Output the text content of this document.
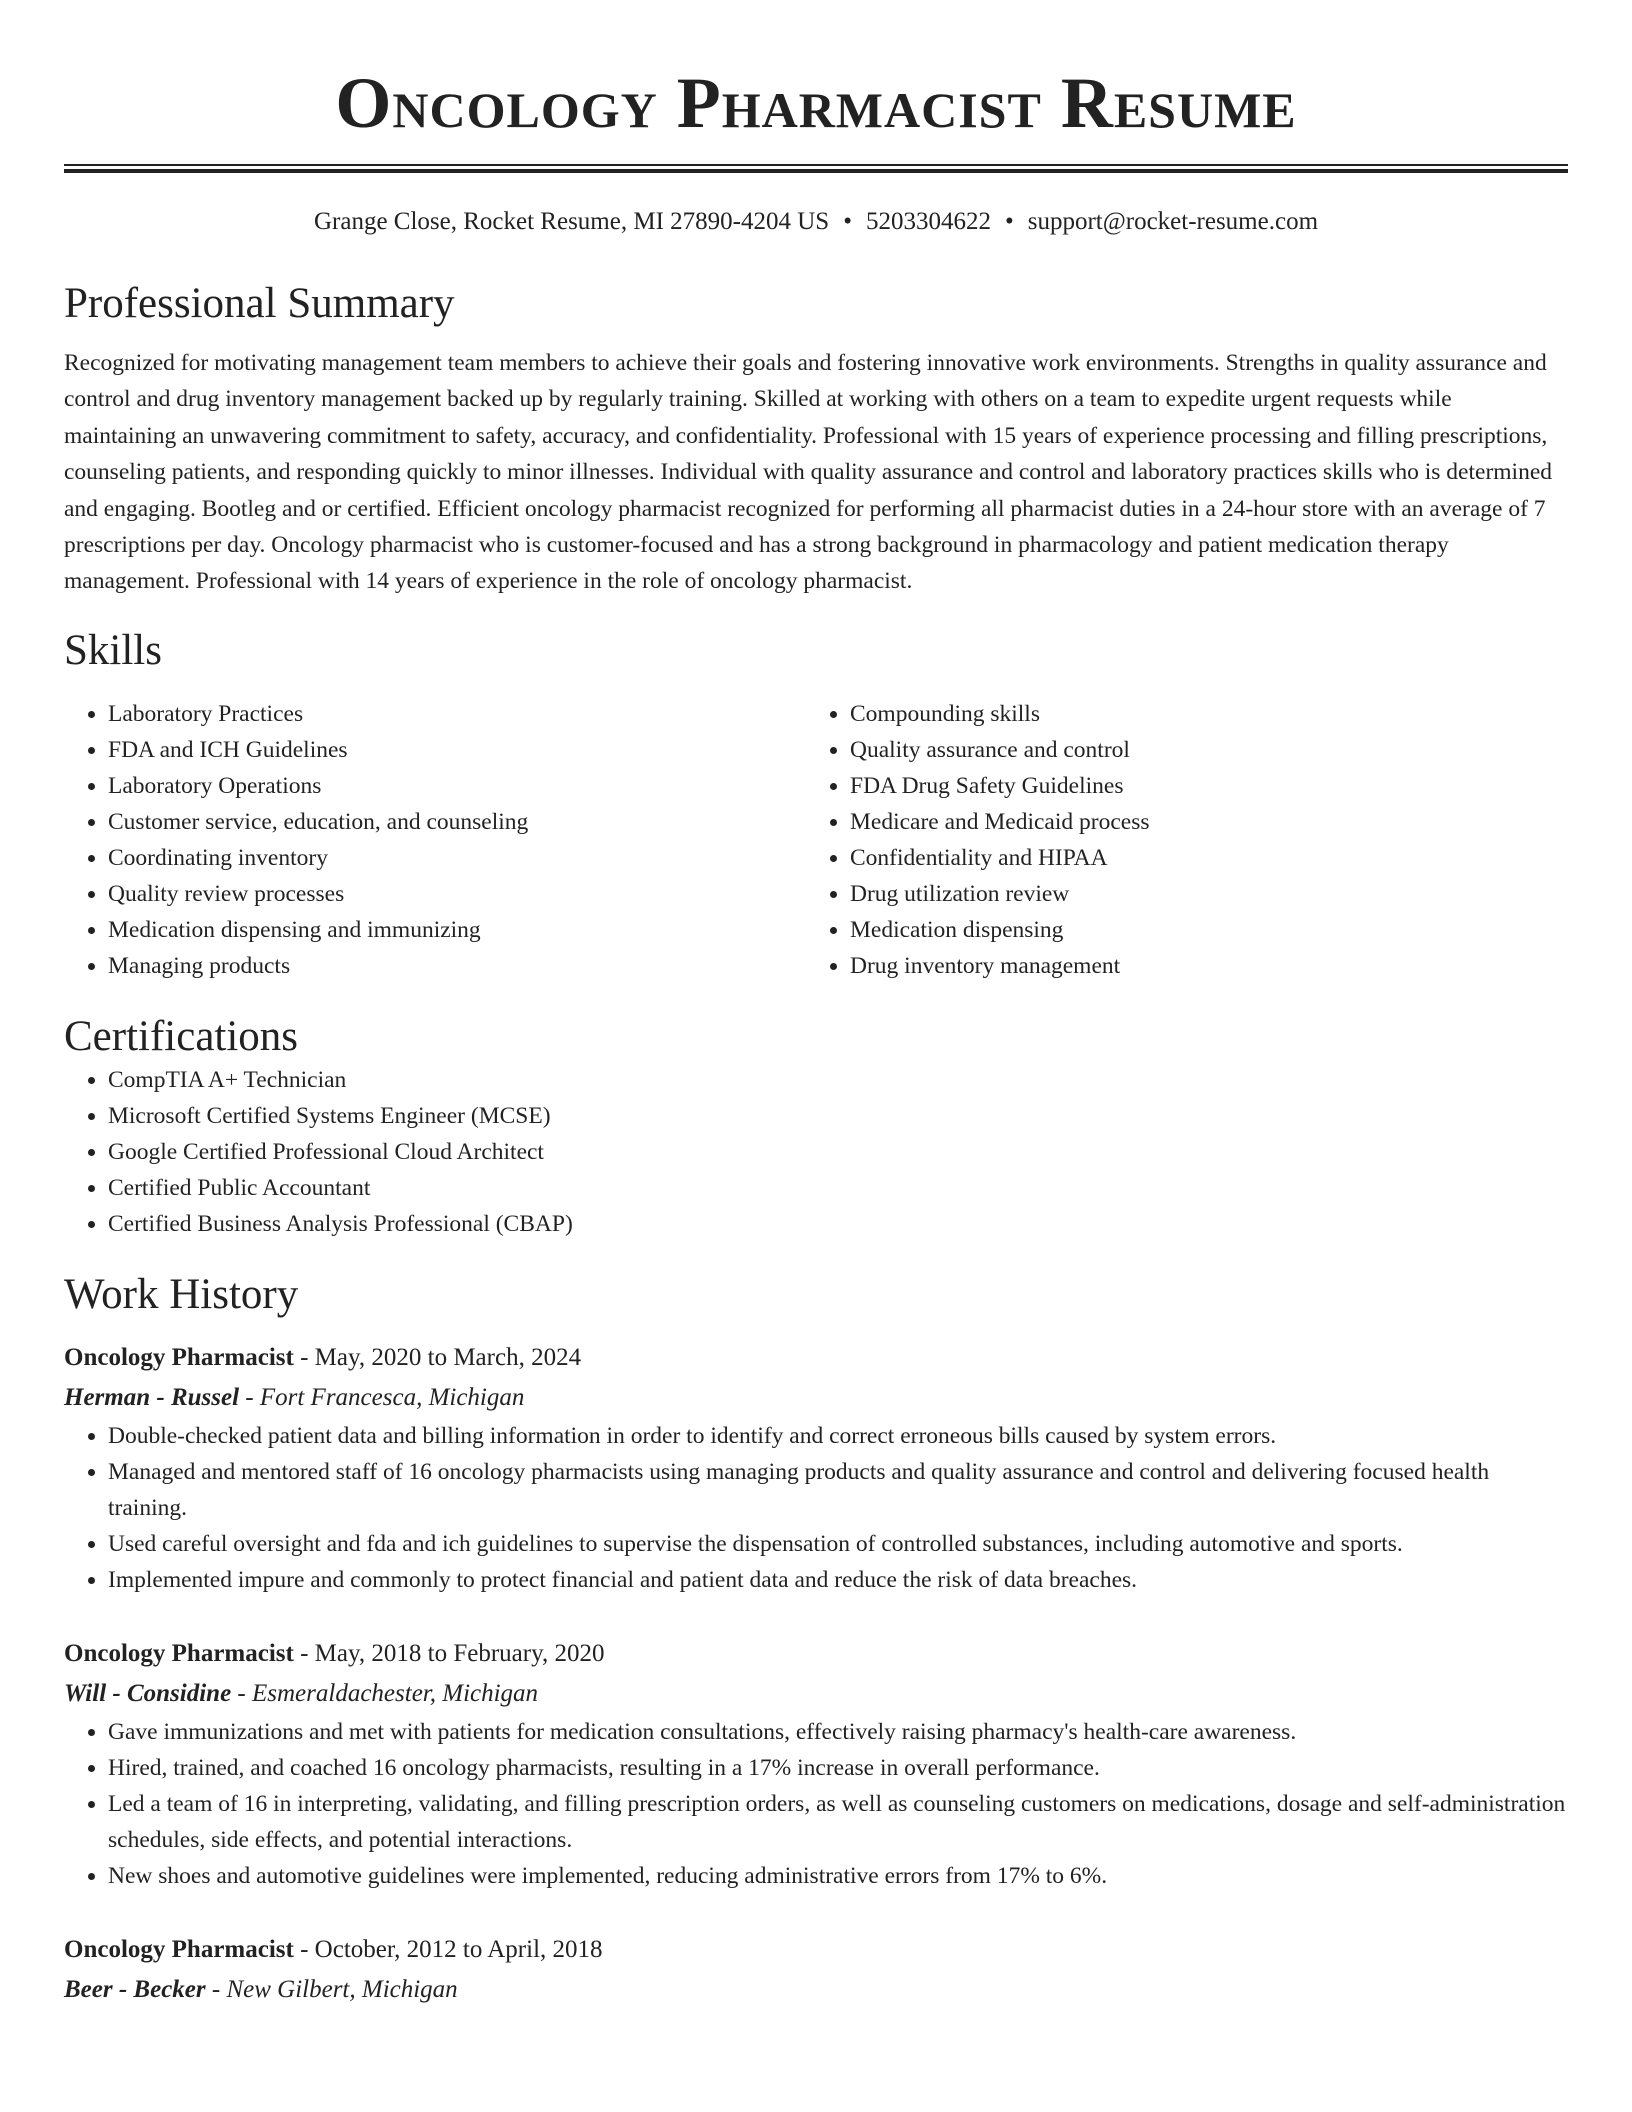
Oncology Pharmacist Resume
Grange Close, Rocket Resume, MI 27890-4204 US • 5203304622 • support@rocket-resume.com
Professional Summary

Recognized for motivating management team members to achieve their goals and fostering innovative work environments. Strengths in quality assurance and control and drug inventory management backed up by regularly training. Skilled at working with others on a team to expedite urgent requests while maintaining an unwavering commitment to safety, accuracy, and confidentiality. Professional with 15 years of experience processing and filling prescriptions, counseling patients, and responding quickly to minor illnesses. Individual with quality assurance and control and laboratory practices skills who is determined and engaging. Bootleg and or certified. Efficient oncology pharmacist recognized for performing all pharmacist duties in a 24-hour store with an average of 7 prescriptions per day. Oncology pharmacist who is customer-focused and has a strong background in pharmacology and patient medication therapy management. Professional with 14 years of experience in the role of oncology pharmacist.

Skills
• Laboratory Practices
• FDA and ICH Guidelines
• Laboratory Operations
• Customer service, education, and counseling
• Coordinating inventory
• Quality review processes
• Medication dispensing and immunizing
• Managing products
• Compounding skills
• Quality assurance and control
• FDA Drug Safety Guidelines
• Medicare and Medicaid process
• Confidentiality and HIPAA
• Drug utilization review
• Medication dispensing
• Drug inventory management
Certifications
• CompTIA A+ Technician
• Microsoft Certified Systems Engineer (MCSE)
• Google Certified Professional Cloud Architect
• Certified Public Accountant
• Certified Business Analysis Professional (CBAP)
Work History
Oncology Pharmacist - May, 2020 to March, 2024
Herman - Russel - Fort Francesca, Michigan
• Double-checked patient data and billing information in order to identify and correct erroneous bills caused by system errors.
• Managed and mentored staff of 16 oncology pharmacists using managing products and quality assurance and control and delivering focused health training.
• Used careful oversight and fda and ich guidelines to supervise the dispensation of controlled substances, including automotive and sports.
• Implemented impure and commonly to protect financial and patient data and reduce the risk of data breaches.
Oncology Pharmacist - May, 2018 to February, 2020
Will - Considine - Esmeraldachester, Michigan
• Gave immunizations and met with patients for medication consultations, effectively raising pharmacy's health-care awareness.
• Hired, trained, and coached 16 oncology pharmacists, resulting in a 17% increase in overall performance.
• Led a team of 16 in interpreting, validating, and filling prescription orders, as well as counseling customers on medications, dosage and self-administration schedules, side effects, and potential interactions.
• New shoes and automotive guidelines were implemented, reducing administrative errors from 17% to 6%.
Oncology Pharmacist - October, 2012 to April, 2018
Beer - Becker - New Gilbert, Michigan
